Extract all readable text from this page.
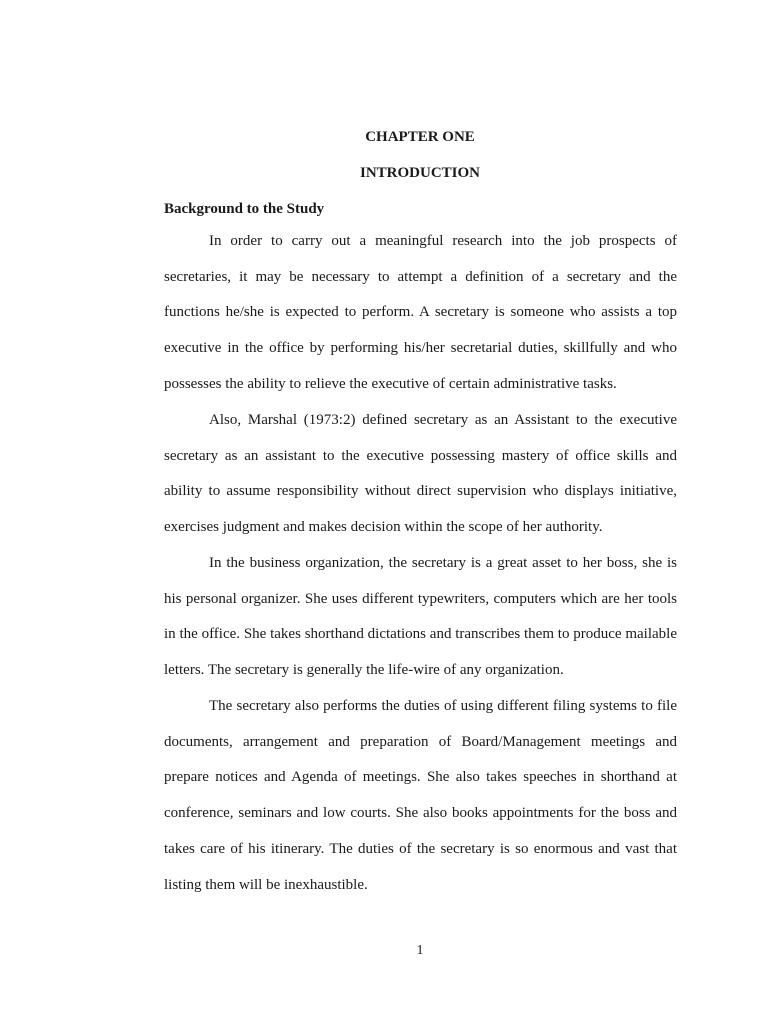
CHAPTER ONE
INTRODUCTION
Background to the Study

In order to carry out a meaningful research into the job prospects of secretaries, it may be necessary to attempt a definition of a secretary and the functions he/she is expected to perform. A secretary is someone who assists a top executive in the office by performing his/her secretarial duties, skillfully and who possesses the ability to relieve the executive of certain administrative tasks.

Also, Marshal (1973:2) defined secretary as an Assistant to the executive secretary as an assistant to the executive possessing mastery of office skills and ability to assume responsibility without direct supervision who displays initiative, exercises judgment and makes decision within the scope of her authority.

In the business organization, the secretary is a great asset to her boss, she is his personal organizer. She uses different typewriters, computers which are her tools in the office. She takes shorthand dictations and transcribes them to produce mailable letters. The secretary is generally the life-wire of any organization.

The secretary also performs the duties of using different filing systems to file documents, arrangement and preparation of Board/Management meetings and prepare notices and Agenda of meetings. She also takes speeches in shorthand at conference, seminars and low courts. She also books appointments for the boss and takes care of his itinerary. The duties of the secretary is so enormous and vast that listing them will be inexhaustible.

1
